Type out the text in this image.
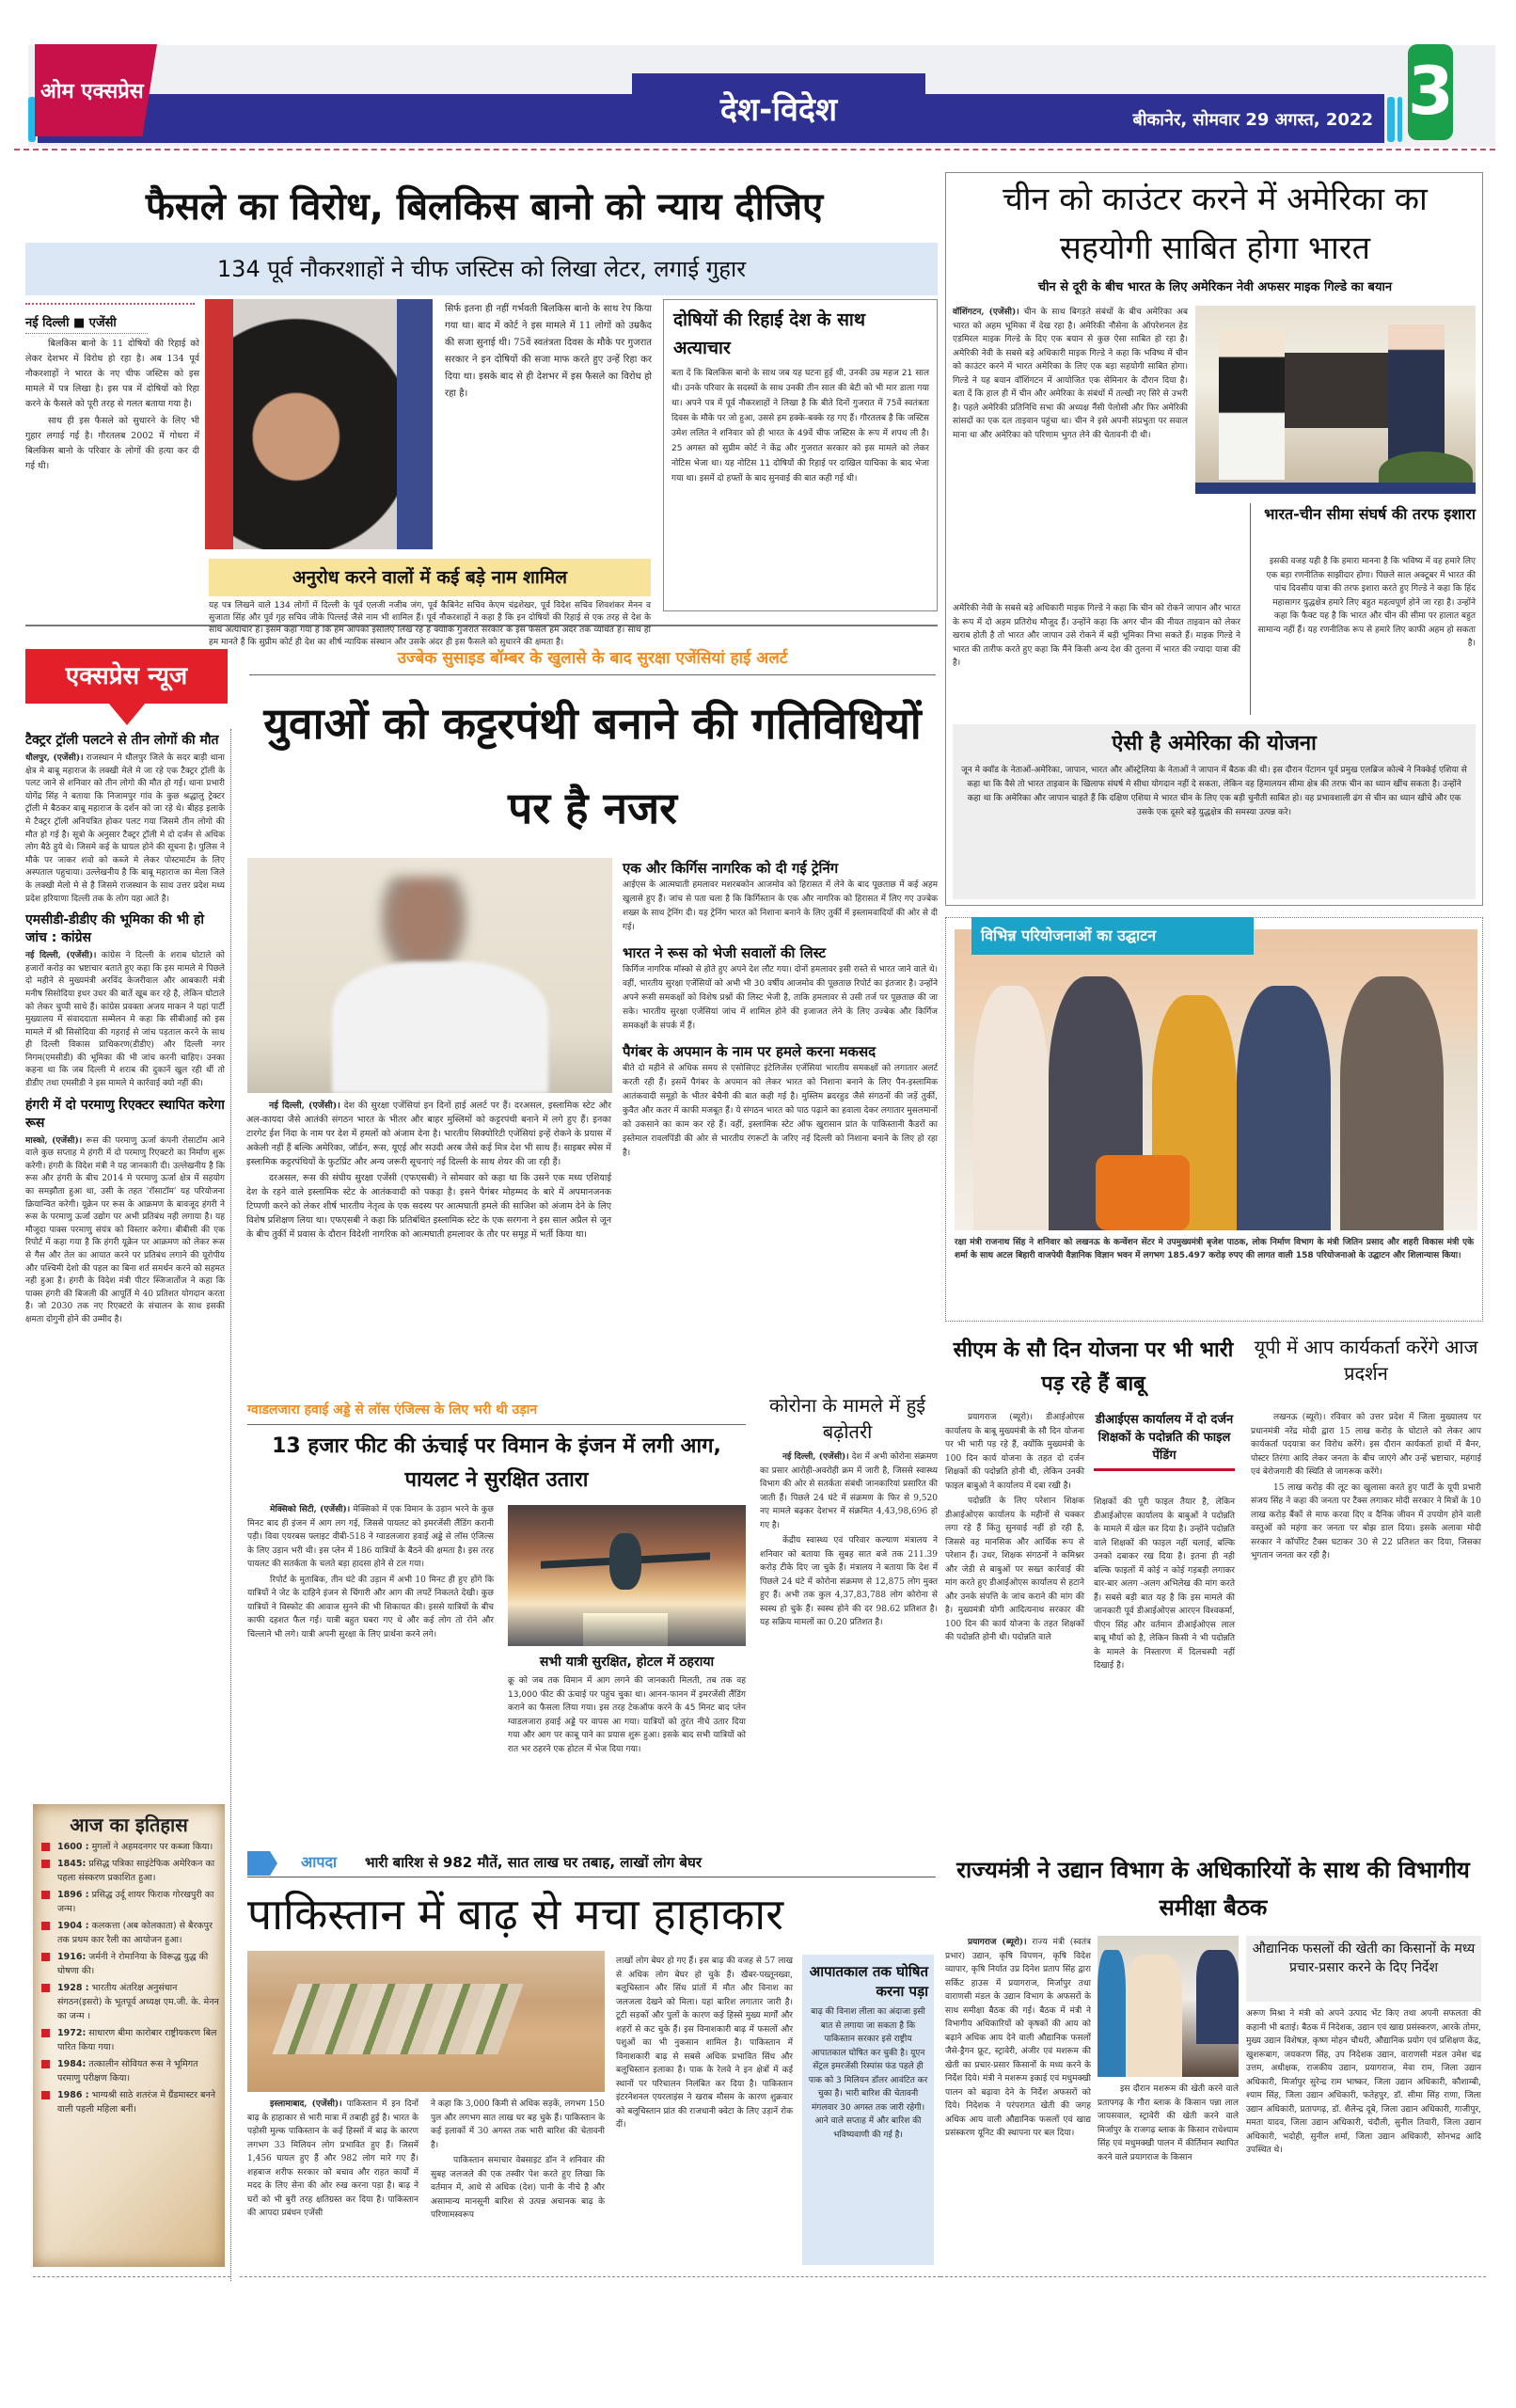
ओम एक्सप्रेस	देश-विदेश	बीकानेर, सोमवार 29 अगस्त, 2022 3
फैसले का विरोध, बिलकिस बानो को न्याय दीजिए
134 पूर्व नौकरशाहों ने चीफ जस्टिस को लिखा लेटर, लगाई गुहार
नई दिल्ली ■ एजेंसी

बिलकिस बानो के 11 दोषियों की रिहाई को लेकर देशभर में विरोध हो रहा है। अब 134 पूर्व नौकरशाहों ने भारत के नए चीफ जस्टिस को इस मामले में पत्र लिखा है। इस पत्र में दोषियों को रिहा करने के फैसले को पूरी तरह से गलत बताया गया है।

साथ ही इस फैसले को सुधारने के लिए भी गुहार लगाई गई है। गौरतलब 2002 में गोधरा में बिलकिस बानो के परिवार के लोगों की हत्या कर दी गई थी।

सिर्फ इतना ही नहीं गर्भवती बिलकिस बानो के साथ रेप किया गया था। बाद में कोर्ट ने इस मामले में 11 लोगों को उम्रकैद की सजा सुनाई थी। 75वें स्वतंत्रता दिवस के मौके पर गुजरात सरकार ने इन दोषियों की सजा माफ करते हुए उन्हें रिहा कर दिया था। इसके बाद से ही देशभर में इस फैसले का विरोध हो रहा है।
अनुरोध करने वालों में कई बड़े नाम शामिल
यह पत्र लिखने वाले 134 लोगों में दिल्ली के पूर्व एलजी नजीब जंग, पूर्व कैबिनेट सचिव केएम चंद्रशेखर, पूर्व विदेश सचिव शिवशंकर मेनन व सुजाता सिंह और पूर्व गृह सचिव जीके पिल्लई जैसे नाम भी शामिल हैं। पूर्व नौकरशाहों ने कहा है कि इन दोषियों की रिहाई से एक तरह से देश के साथ अत्याचार है। इसमें कहा गया है कि हम आपको इसलिए लिख रहे हैं क्योंकि गुजरात सरकार के इस फैसले हम अंदर तक व्यथित हैं। साथ ही हम मानते हैं कि सुप्रीम कोर्ट ही देश का शीर्ष न्यायिक संस्थान और उसके अंदर ही इस फैसले को सुधारने की क्षमता है।
दोषियों की रिहाई देश के साथ अत्याचार
बता दें कि बिलकिस बानो के साथ जब यह घटना हुई थी, उनकी उम्र महज 21 साल थी। उनके परिवार के सदस्यों के साथ उनकी तीन साल की बेटी को भी मार डाला गया था। अपने पत्र में पूर्व नौकरशाहों ने लिखा है कि बीते दिनों गुजरात में 75वें स्वतंत्रता दिवस के मौके पर जो हुआ, उससे हम हक्के-बक्के रह गए हैं। गौरतलब है कि जस्टिस उमेश ललित ने शनिवार को ही भारत के 49वें चीफ जस्टिस के रूप में शपथ ली है। 25 अगस्त को सुप्रीम कोर्ट ने केंद्र और गुजरात सरकार को इस मामले को लेकर नोटिस भेजा था। यह नोटिस 11 दोषियों की रिहाई पर दाखिल याचिका के बाद भेजा गया था। इसमें दो हफ्तों के बाद सुनवाई की बात कही गई थी।
चीन को काउंटर करने में अमेरिका का सहयोगी साबित होगा भारत
चीन से दूरी के बीच भारत के लिए अमेरिकन नेवी अफसर माइक गिल्डे का बयान
वॉशिंगटन, (एजेंसी)। चीन के साथ बिगड़ते संबंधों के बीच अमेरिका अब भारत को अहम भूमिका में देख रहा है। अमेरिकी नौसेना के ऑपरेशनल हेड एडमिरल माइक गिल्डे के दिए एक बयान से कुछ ऐसा साबित हो रहा है। अमेरिकी नेवी के सबसे बड़े अधिकारी माइक गिल्डे ने कहा कि भविष्य में चीन को काउंटर करने में भारत अमेरिका के लिए एक बड़ा सहयोगी साबित होगा। गिल्डे ने यह बयान वॉशिंगटन में आयोजित एक सेमिनार के दौरान दिया है। बता दें कि हाल ही में चीन और अमेरिका के संबंधों में तल्खी नए सिरे से उभरी है। पहले अमेरिकी प्रतिनिधि सभा की अध्यक्ष नैंसी पेलोसी और फिर अमेरिकी सांसदों का एक दल ताइवान पहुंचा था। चीन ने इसे अपनी संप्रभुता पर सवाल माना था और अमेरिका को परिणाम भुगत लेने की चेतावनी दी थी।
अमेरिकी नेवी के सबसे बड़े अधिकारी माइक गिल्डे ने कहा कि चीन को रोकने जापान और भारत के रूप में दो अहम प्रतिरोध मौजूद हैं। उन्होंने कहा कि अगर चीन की नीयत ताइवान को लेकर खराब होती है तो भारत और जापान उसे रोकने में बड़ी भूमिका निभा सकते हैं। माइक गिल्डे ने भारत की तारीफ करते हुए कहा कि मैंने किसी अन्य देश की तुलना में भारत की ज्यादा यात्रा की है।
भारत-चीन सीमा संघर्ष की तरफ इशारा
इसकी वजह यही है कि हमारा मानना है कि भविष्य में वह हमारे लिए एक बड़ा रणनीतिक साझीदार होगा। पिछले साल अक्टूबर में भारत की पांच दिवसीय यात्रा की तरफ इशारा करते हुए गिल्डे ने कहा कि हिंद महासागर युद्धक्षेत्र हमारे लिए बहुत महत्वपूर्ण होने जा रहा है। उन्होंने कहा कि फैक्ट यह है कि भारत और चीन की सीमा पर हालात बहुत सामान्य नहीं हैं। यह रणनीतिक रूप से हमारे लिए काफी अहम हो सकता है।
ऐसी है अमेरिका की योजना
जून मे क्वॉड के नेताओं-अमेरिका, जापान, भारत और ऑस्ट्रेलिया के नेताओं ने जापान में बैठक की थी। इस दौरान पेंटागन पूर्व प्रमुख एलब्रिज कोल्बे ने निक्केई एशिया से कहा था कि वैसे तो भारत ताइवान के खिलाफ संघर्ष मे सीधा योगदान नहीं दे सकता, लेकिन वह हिमालयन सीमा क्षेत्र की तरफ चीन का ध्यान खींच सकता है। उन्होंने कहा था कि अमेरिका और जापान चाहते हैं कि दक्षिण एशिया मे भारत चीन के लिए एक बड़ी चुनौती साबित हो। वह प्रभावशाली ढंग से चीन का ध्यान खीचे और एक उसके एक दूसरे बड़े युद्धक्षेत्र की समस्या उत्पन्न करे।
एक्सप्रेस न्यूज
टैक्ट्रर ट्रॉली पलटने से तीन लोगों की मौत
धौलपुर, (एजेंसी)। राजस्थान मे धौलपुर जिले के सदर बाड़ी थाना क्षेत्र मे बाबू महाराज के लक्खी मेले मे जा रहे एक टैक्ट्रर ट्रॉली के पलट जाने से शनिवार को तीन लोगो की मौत हो गई। थाना प्रभारी योगेंद्र सिंह ने बताया कि निजामपुर गांव के कुछ श्रद्धालु ट्रेक्टर ट्रॉली मे बैठकर बाबू महाराज के दर्शन को जा रहे थे। बीहड़ इलाके मे टैक्ट्रर ट्रॉली अनियंत्रित होकर पलट गया जिसमे तीन लोगो की मौत हो गई है। सूत्रो के अनुसार टैक्ट्रर ट्रॉली मे दो दर्जन से अधिक लोग बैठे हुये थे। जिसमे कई के घायल होने की सूचना है। पुलिस ने मौके पर जाकर शवो को कब्जे मे लेकर पोस्टमार्टम के लिए अस्पताल पहुचाया। उल्लेखनीय है कि बाबू महाराज का मेला जिले के लक्खी मेलो मे से है जिसमे राजस्थान के साथ उत्तर प्रदेश मध्य प्रदेश हरियाणा दिल्ली तक के लोग यहा आते है।
एमसीडी-डीडीए की भूमिका की भी हो जांच : कांग्रेस
नई दिल्ली, (एजेंसी)। कांग्रेस ने दिल्ली के शराब घोटाले को हजारों करोड़ का भ्रष्टाचार बताते हुए कहा कि इस मामले मे पिछले दो महीने से मुख्यमंत्री अरविंद केजरीवाल और आबकारी मंत्री मनीष सिसोदिया इधर उधर की बातें खूब कर रहे है, लेकिन घोटाले को लेकर चुप्पी साधे हैं। कांग्रेस प्रवक्ता अजय माकन ने यहां पार्टी मुख्यालय में संवाददाता सम्मेलन मे कहा कि सीबीआई को इस मामले में श्री सिसोदिया की गहराई से जांच पड़ताल करने के साथ ही दिल्ली विकास प्राधिकरण(डीडीए) और दिल्ली नगर निगम(एमसीडी) की भूमिका की भी जांच करनी चाहिए। उनका कहना था कि जब दिल्ली मे शराब की दुकानें खुल रही थीं तो डीडीए तथा एमसीडी ने इस मामले मे कार्रवाई क्यो नहीं की।
हंगरी में दो परमाणु रिएक्टर स्थापित करेगा रूस
मास्को, (एजेंसी)। रूस की परमाणु ऊर्जा कंपनी रोसाटॉम आने वाले कुछ सप्ताह मे हंगरी में दो परमाणु रिएक्टरो का निर्माण शुरू करेगी। हंगरी के विदेश मंत्री ने यह जानकारी दी। उल्लेखनीय है कि रूस और हंगरी के बीच 2014 मे परमाणु ऊर्जा क्षेत्र में सहयोग का समझौता हुआ था, उसी के तहत 'रॉसाटॉम' यह परियोजना क्रियान्वित करेगी। यूक्रेन पर रूस के आक्रमण के बावजूद हंगरी ने रूस के परमाणु ऊर्जा उद्योग पर अभी प्रतिबंध नही लगाया है। यह मौजूदा पाक्स परमाणु संयंत्र को विस्तार करेगा। बीबीसी की एक रिपोर्ट में कहा गया है कि हंगरी यूक्रेन पर आक्रमण को लेकर रूस से गैस और तेल का आयात करने पर प्रतिबंध लगाने की यूरोपीय और पश्चिमी देशो की पहल का बिना शर्त समर्थन करने को सहमत नही हुआ है। हंगरी के विदेश मंत्री पीटर स्जिजार्तोज ने कहा कि पाक्स हंगरी की बिजली की आपूर्ति मे 40 प्रतिशत योगदान करता है। जो 2030 तक नए रिएक्टरो के संचालन के साथ इसकी क्षमता दोगुनी होने की उम्मीद है।
आज का इतिहास
1600 : मुगलों ने अहमदनगर पर कब्जा किया।
1845: प्रसिद्ध पत्रिका साइंटेफिक अमेरिकन का पहला संस्करण प्रकाशित हुआ।
1896 : प्रसिद्ध उर्दू शायर फिराक गोरखपुरी का जन्म।
1904 : कलकत्ता (अब कोलकाता) से बैरकपुर तक प्रथम कार रैली का आयोजन हुआ।
1916: जर्मनी ने रोमानिया के विरूद्ध युद्ध की घोषणा की।
1928 : भारतीय अंतरिक्ष अनुसंधान संगठन(इसरो) के भूतपूर्व अध्यक्ष एम.जी. के. मेनन का जन्म ।
1972: साधारण बीमा कारोबार राष्ट्रीयकरण बिल पारित किया गया।
1984: तत्कालीन सोवियत रूस ने भूमिगत परमाणु परीक्षण किया।
1986 : भाग्यश्री साठे शतरंज मे ग्रैंडमास्टर बनने वाली पहली महिला बनीं।
उज्बेक सुसाइड बॉम्बर के खुलासे के बाद सुरक्षा एजेंसियां हाई अलर्ट
युवाओं को कट्टरपंथी बनाने की गतिविधियों पर है नजर

नई दिल्ली, (एजेंसी)। देश की सुरक्षा एजेंसियां इन दिनों हाई अलर्ट पर हैं। दरअसल, इस्लामिक स्टेट और अल-कायदा जैसे आतंकी संगठन भारत के भीतर और बाहर मुस्लिमों को कट्टरपंथी बनाने में लगे हुए हैं। इनका टारगेट ईश निंदा के नाम पर देश में हमलों को अंजाम देना है। भारतीय सिक्योरिटी एजेंसियां इन्हें रोकने के प्रयास में अकेली नहीं हैं बल्कि अमेरिका, जॉर्डन, रूस, यूएई और सउदी अरब जैसे कई मित्र देश भी साथ हैं। साइबर स्पेस में इस्लामिक कट्टरपंथियों के फुटप्रिंट और अन्य जरूरी सूचनाएं नई दिल्ली के साथ शेयर की जा रही हैं।

दरअसल, रूस की संघीय सुरक्षा एजेंसी (एफएसबी) ने सोमवार को कहा था कि उसने एक मध्य एशियाई देश के रहने वाले इस्लामिक स्टेट के आतंकवादी को पकड़ा है। इसने पैगंबर मोहम्मद के बारे में अपमानजनक टिप्पणी करने को लेकर शीर्ष भारतीय नेतृत्व के एक सदस्य पर आत्मघाती हमले की साजिश को अंजाम देने के लिए विशेष प्रशिक्षण लिया था। एफएसबी ने कहा कि प्रतिबंधित इस्लामिक स्टेट के एक सरगना ने इस साल अप्रैल से जून के बीच तुर्की में प्रवास के दौरान विदेशी नागरिक को आत्मघाती हमलावर के तौर पर समूह में भर्ती किया था।

एक और किर्गिस नागरिक को दी गई ट्रेनिंग
आईएस के आत्मघाती हमलावर मशरबकोन आजमोव को हिरासत में लेने के बाद पूछताछ में कई अहम खुलासे हुए हैं। जांच से पता चला है कि किर्गिस्तान के एक और नागरिक को हिरासत में लिए गए उज्बेक शख्स के साथ ट्रेनिंग दी। यह ट्रेनिंग भारत को निशाना बनाने के लिए तुर्की में इस्लामवादियों की ओर से दी गई।
भारत ने रूस को भेजी सवालों की लिस्ट
किर्गिज नागरिक मॉस्को से होते हुए अपने देश लौट गया। दोनों हमलावर इसी रास्ते से भारत जाने वाले थे। वहीं, भारतीय सुरक्षा एजेंसियों को अभी भी 30 वर्षीय आजमोव की पूछताछ रिपोर्ट का इंतजार है। उन्होंने अपने रूसी समकक्षों को विशेष प्रश्नों की लिस्ट भेजी है, ताकि हमलावर से उसी तर्ज पर पूछताछ की जा सके। भारतीय सुरक्षा एजेंसियां जांच में शामिल होने की इजाजत लेने के लिए उज्बेक और किर्गिज समकक्षों के संपर्क में हैं।
पैगंबर के अपमान के नाम पर हमले करना मकसद
बीते दो महीने से अधिक समय से एसोसिएट इंटेलिजेंस एजेंसियां भारतीय समकक्षों को लगातार अलर्ट करती रही हैं। इसमें पैगंबर के अपमान को लेकर भारत को निशाना बनाने के लिए पैन-इस्लामिक आतंकवादी समूहो के भीतर बेचैनी की बात कही गई है। मुस्लिम ब्रदरहुड जैसे संगठनों की जड़ें तुर्की, कुवैत और कतर में काफी मजबूत हैं। ये संगठन भारत को पाठ पढ़ाने का हवाला देकर लगातार मुसलमानों को उकसाने का काम कर रहे हैं। वहीं, इस्लामिक स्टेट ऑफ खुरासान प्रांत के पाकिस्तानी कैडरों का इस्तेमाल रावलपिंडी की ओर से भारतीय रंगरूटों के जरिए नई दिल्ली को निशाना बनाने के लिए हो रहा है।
ग्वाडलजारा हवाई अड्डे से लॉस एंजिल्स के लिए भरी थी उड़ान
13 हजार फीट की ऊंचाई पर विमान के इंजन में लगी आग, पायलट ने सुरक्षित उतारा

मेक्सिको सिटी, (एजेंसी)। मेक्सिको में एक विमान के उड़ान भरने के कुछ मिनट बाद ही इंजन में आग लग गई, जिससे पायलट को इमरजेंसी लैंडिंग करानी पड़ी। विवा एयरबस फ्लाइट वीबी-518 ने ग्वाडलजारा हवाई अड्डे से लॉस एंजिल्स के लिए उड़ान भरी थी। इस प्लेन में 186 यात्रियों के बैठने की क्षमता है। इस तरह पायलट की सतर्कता के चलते बड़ा हादसा होने से टल गया।

रिपोर्ट के मुताबिक, तीन घंटे की उड़ान में अभी 10 मिनट ही हुए होंगे कि यात्रियों ने जेट के दाहिने इंजन से चिंगारी और आग की लपटें निकलते देखी। कुछ यात्रियों ने विस्फोट की आवाज सुनने की भी शिकायत की। इससे यात्रियों के बीच काफी दहशत फैल गई। यात्री बहुत घबरा गए थे और कई लोग तो रोने और चिल्लाने भी लगे। यात्री अपनी सुरक्षा के लिए प्रार्थना करने लगे।

सभी यात्री सुरक्षित, होटल में ठहराया
क्रू को जब तक विमान में आग लगने की जानकारी मिलती, तब तक वह 13,000 फीट की ऊंचाई पर पहुंच चुका था। आनन-फानन में इमरजेंसी लैंडिंग कराने का फैसला लिया गया। इस तरह टेकऑफ करने के 45 मिनट बाद प्लेन ग्वाडलजारा हवाई अड्डे पर वापस आ गया। यात्रियों को तुरंत नीचे उतार दिया गया और आग पर काबू पाने का प्रयास शुरू हुआ। इसके बाद सभी यात्रियों को रात भर ठहरने एक होटल में भेज दिया गया।
कोरोना के मामले में हुई बढ़ोतरी

नई दिल्ली, (एजेंसी)। देश में अभी कोरोना संक्रमण का प्रसार आरोही-अवरोही क्रम में जारी है, जिससे स्वास्थ्य विभाग की ओर से सतर्कता संबंधी जानकारियां प्रसारित की जाती हैं। पिछले 24 घंटे में संक्रमण के फिर से 9,520 नए मामले बढ़कर देशभर में संक्रमित 4,43,98,696 हो गए है।

केंद्रीय स्वास्थ्य एवं परिवार कल्याण मंत्रालय ने शनिवार को बताया कि सुबह सात बजे तक 211.39 करोड़ टीके दिए जा चुके हैं। मंत्रालय ने बताया कि देश में पिछले 24 घंटे में कोरोना संक्रमण से 12,875 लोग मुक्त हुए हैं। अभी तक कुल 4,37,83,788 लोग कोरोना से स्वस्थ हो चुके हैं। स्वस्थ होने की दर 98.62 प्रतिशत है। यह सक्रिय मामलों का 0.20 प्रतिशत है।

आपदा भारी बारिश से 982 मौतें, सात लाख घर तबाह, लाखों लोग बेघर
पाकिस्तान में बाढ़ से मचा हाहाकार

इस्लामाबाद, (एजेंसी)। पाकिस्तान में इन दिनों बाढ़ के हाहाकार से भारी मात्रा में तबाही हुई है। भारत के पड़ोसी मुल्क पाकिस्तान के कई हिस्सों में बाढ़ के कारण लगभग 33 मिलियन लोग प्रभावित हुए हैं। जिसमें 1,456 घायल हुए हैं और 982 लोग मारे गए हैं। शहबाज शरीफ सरकार को बचाव और राहत कार्यों में मदद के लिए सेना की ओर रुख करना पड़ा है। बाढ़ ने घरों को भी बुरी तरह क्षतिग्रस्त कर दिया है। पाकिस्तान की आपदा प्रबंधन एजेंसी

ने कहा कि 3,000 किमी से अधिक सड़कें, लगभग 150 पुल और लगभग सात लाख घर बह चुके हैं। पाकिस्तान के कई इलाकों में 30 अगस्त तक भारी बारिश की चेतावनी है।

पाकिस्तान समाचार वेबसाइट डॉन ने शनिवार की सुबह जलजले की एक तस्वीर पेश करते हुए लिखा कि वर्तमान में, आधे से अधिक (देश) पानी के नीचे है और असामान्य मानसूनी बारिश से उत्पन्न अचानक बाढ़ के परिणामस्वरूप

लाखों लोग बेघर हो गए हैं। इस बाढ़ की वजह से 57 लाख से अधिक लोग बेघर हो चुके हैं। खैबर-पख्तूनख्वा, बलूचिस्तान और सिंध प्रांतों में मौत और विनाश का जलजला देखने को मिला। यहां बारिश लगातार जारी है। टूटी सड़कों और पुलों के कारण कई हिस्से मुख्य मार्गों और शहरों से कट चुके हैं। इस विनाशकारी बाढ़ में फसलों और पशुओं का भी नुकसान शामिल है। पाकिस्तान में विनाशकारी बाढ़ से सबसे अधिक प्रभावित सिंध और बलूचिस्तान इलाका है। पाक के रेलवे ने इन क्षेत्रों में कई स्थानों पर परिचालन निलंबित कर दिया है। पाकिस्तान इंटरनेशनल एयरलाइंस ने खराब मौसम के कारण शुक्रवार को बलूचिस्तान प्रांत की राजधानी क्वेटा के लिए उड़ानें रोक दीं।
आपातकाल तक घोषित करना पड़ा
बाढ़ की विनाश लीला का अंदाजा इसी बात से लगाया जा सकता है कि पाकिस्तान सरकार इसे राष्ट्रीय आपातकाल घोषित कर चुकी है। यूएन सेंट्रल इमरजेंसी रिस्पांस फंड पहले ही पाक को 3 मिलियन डॉलर आवंटित कर चुका है। भारी बारिश की चेतावनी मंगलवार 30 अगस्त तक जारी रहेगी। आने वाले सप्ताह में और बारिश की भविष्यवाणी की गई है।
विभिन्न परियोजनाओं का उद्घाटन
रक्षा मंत्री राजनाथ सिंह ने शनिवार को लखनऊ के कन्वेंशन सेंटर मे उपमुख्यमंत्री बृजेश पाठक, लोक निर्माण विभाग के मंत्री जितिन प्रसाद और शहरी विकास मंत्री एके शर्मा के साथ अटल बिहारी वाजपेयी वैज्ञानिक विज्ञान भवन में लगभग 185.497 करोड़ रुपए की लागत वाली 158 परियोजनाओ के उद्घाटन और शिलान्यास किया।
सीएम के सौ दिन योजना पर भी भारी पड़ रहे हैं बाबू

प्रयागराज (ब्यूरो)। डीआईओएस कार्यालय के बाबू मुख्यमंत्री के सौ दिन योजना पर भी भारी पड़ रहे हैं, क्योंकि मुख्यमंत्री के 100 दिन कार्य योजना के तहत दो दर्जन शिक्षकों की पदोन्नति होनी थी, लेकिन उनकी फाइल बाबुओ ने कार्यालय में दबा रखी है।

पदोन्नति के लिए परेशान शिक्षक डीआईओएस कार्यालय के महीनों से चक्कर लगा रहे हैं किंतु सुनवाई नहीं हो रही है, जिससे वह मानसिक और आर्थिक रूप से परेशान हैं। उधर, शिक्षक संगठनों ने कमिश्नर और जेडी से बाबुओं पर सख्त कार्रवाई की मांग करते हुए डीआईओएस कार्यालय से हटाने और उनके संपत्ति के जांच कराने की मांग की है। मुख्यमंत्री योगी आदित्यनाथ सरकार की 100 दिन की कार्य योजना के तहत शिक्षकों की पदोन्नति होनी थी। पदोन्नति वाले

डीआईएस कार्यालय में दो दर्जन शिक्षकों के पदोन्नति की फाइल पेंडिंग
शिक्षकों की पूरी फाइल तैयार है, लेकिन डीआईओएस कार्यालय के बाबुओं ने पदोन्नति के मामले में खेल कर दिया है। उन्होंने पदोन्नति वाले शिक्षकों की फाइल नहीं चलाई, बल्कि उनको दबाकर रख दिया है। इतना ही नही बल्कि फाइलों में कोई न कोई गड़बड़ी लगाकर बार-बार अलग -अलग अभिलेख की मांग करते हैं। सबसे बड़ी बात यह है कि इस मामले की जानकारी पूर्व डीआईओएस आरएन विश्वकर्मा, पीएन सिंह और वर्तमान डीआईओएस लाल बाबू मौर्या को है, लेकिन किसी ने भी पदोन्नति के मामले के निस्तारण में दिलचस्पी नहीं दिखाई है।
यूपी में आप कार्यकर्ता करेंगे आज प्रदर्शन

लखनऊ (ब्यूरो)। रविवार को उत्तर प्रदेश में जिला मुख्यालय पर प्रधानमंत्री नरेंद्र मोदी द्वारा 15 लाख करोड़ के घोटाले को लेकर आप कार्यकर्ता पदयात्रा कर विरोध करेंगे। इस दौरान कार्यकर्ता हाथों में बैनर, पोस्टर तिरंगा आदि लेकर जनता के बीच जाएंगे और उन्हें भ्रष्टाचार, महंगाई एवं बेरोजगारी की स्थिति से जागरूक करेंगे।

15 लाख करोड़ की लूट का खुलासा करते हुए पार्टी के यूपी प्रभारी संजय सिंह ने कहा की जनता पर टैक्स लगाकर मोदी सरकार ने मित्रों के 10 लाख करोड़ बैंकों से माफ करवा दिए व दैनिक जीवन में उपयोग होने वाली वस्तुओं को महंगा कर जनता पर बोझ डाल दिया। इसके अलावा मोदी सरकार ने कॉर्पोरेट टैक्स घटाकर 30 से 22 प्रतिशत कर दिया, जिसका भुगतान जनता कर रही है।

राज्यमंत्री ने उद्यान विभाग के अधिकारियों के साथ की विभागीय समीक्षा बैठक

प्रयागराज (ब्यूरो)। राज्य मंत्री (स्वतंत्र प्रभार) उद्यान, कृषि विपणन, कृषि विदेश व्यापार, कृषि निर्यात उप्र दिनेश प्रताप सिंह द्वारा सर्किट हाउस में प्रयागराज, मिर्जापुर तथा वाराणसी मंडल के उद्यान विभाग के अफसरों के साथ समीक्षा बैठक की गई। बैठक में मंत्री ने विभागीय अधिकारियों को कृषकों की आय को बढ़ाने अधिक आय देने वाली औद्यानिक फसलों जैसे-ड्रैगन फ्रूट, स्ट्रावेरी, अंजीर एवं मशरूम की खेती का प्रचार-प्रसार किसानों के मध्य करने के निर्देश दिये। मंत्री ने मशरूम इकाई एवं मधुमक्खी पालन को बढ़ावा देने के निर्देश अफसरों को दिये। निदेशक ने परंपरागत खेती की जगह अधिक आय वाली औद्यानिक फसलों एवं खाद्य प्रसंस्करण यूनिट की स्थापना पर बल दिया।

इस दौरान मशरूम की खेती करने वाले प्रतापगढ़ के गौरा ब्लाक के किसान पन्ना लाल जायसवाल, स्ट्रावेरी की खेती करने वाले मिर्जापुर के राजगढ़ ब्लाक के किसान राधेश्याम सिंह एवं मधुमक्खी पालन में कीर्तिमान स्थापित करने वाले प्रयागराज के किसान

औद्यानिक फसलों की खेती का किसानों के मध्य प्रचार-प्रसार करने के दिए निर्देश
अरूण मिश्रा ने मंत्री को अपने उत्पाद भेंट किए तथा अपनी सफलता की कहानी भी बताई। बैठक में निदेशक, उद्यान एवं खाद्य प्रसंस्करण, आरके तोमर, मुख्य उद्यान विशेषज्ञ, कृष्ण मोहन चौधरी, औद्यानिक प्रयोग एवं प्रशिक्षण केंद्र, खुशरूबाग, जयकरण सिंह, उप निदेशक उद्यान, वाराणसी मंडल उमेश चंद्र उत्तम, अधीक्षक, राजकीय उद्यान, प्रयागराज, मेवा राम, जिला उद्यान अधिकारी, मिर्जापुर सुरेन्द्र राम भाष्कर, जिला उद्यान अधिकारी, कौशाम्बी, श्याम सिंह, जिला उद्यान अधिकारी, फतेहपुर, डॉ. सीमा सिंह राणा, जिला उद्यान अधिकारी, प्रतापगढ़, डॉ. शैलेन्द्र दूबे, जिला उद्यान अधिकारी, गाजीपुर, ममता यादव, जिला उद्यान अधिकारी, चंदौली, सुनील तिवारी, जिला उद्यान अधिकारी, भदोही, सुनील शर्मा, जिला उद्यान अधिकारी, सोनभद्र आदि उपस्थित थे।
